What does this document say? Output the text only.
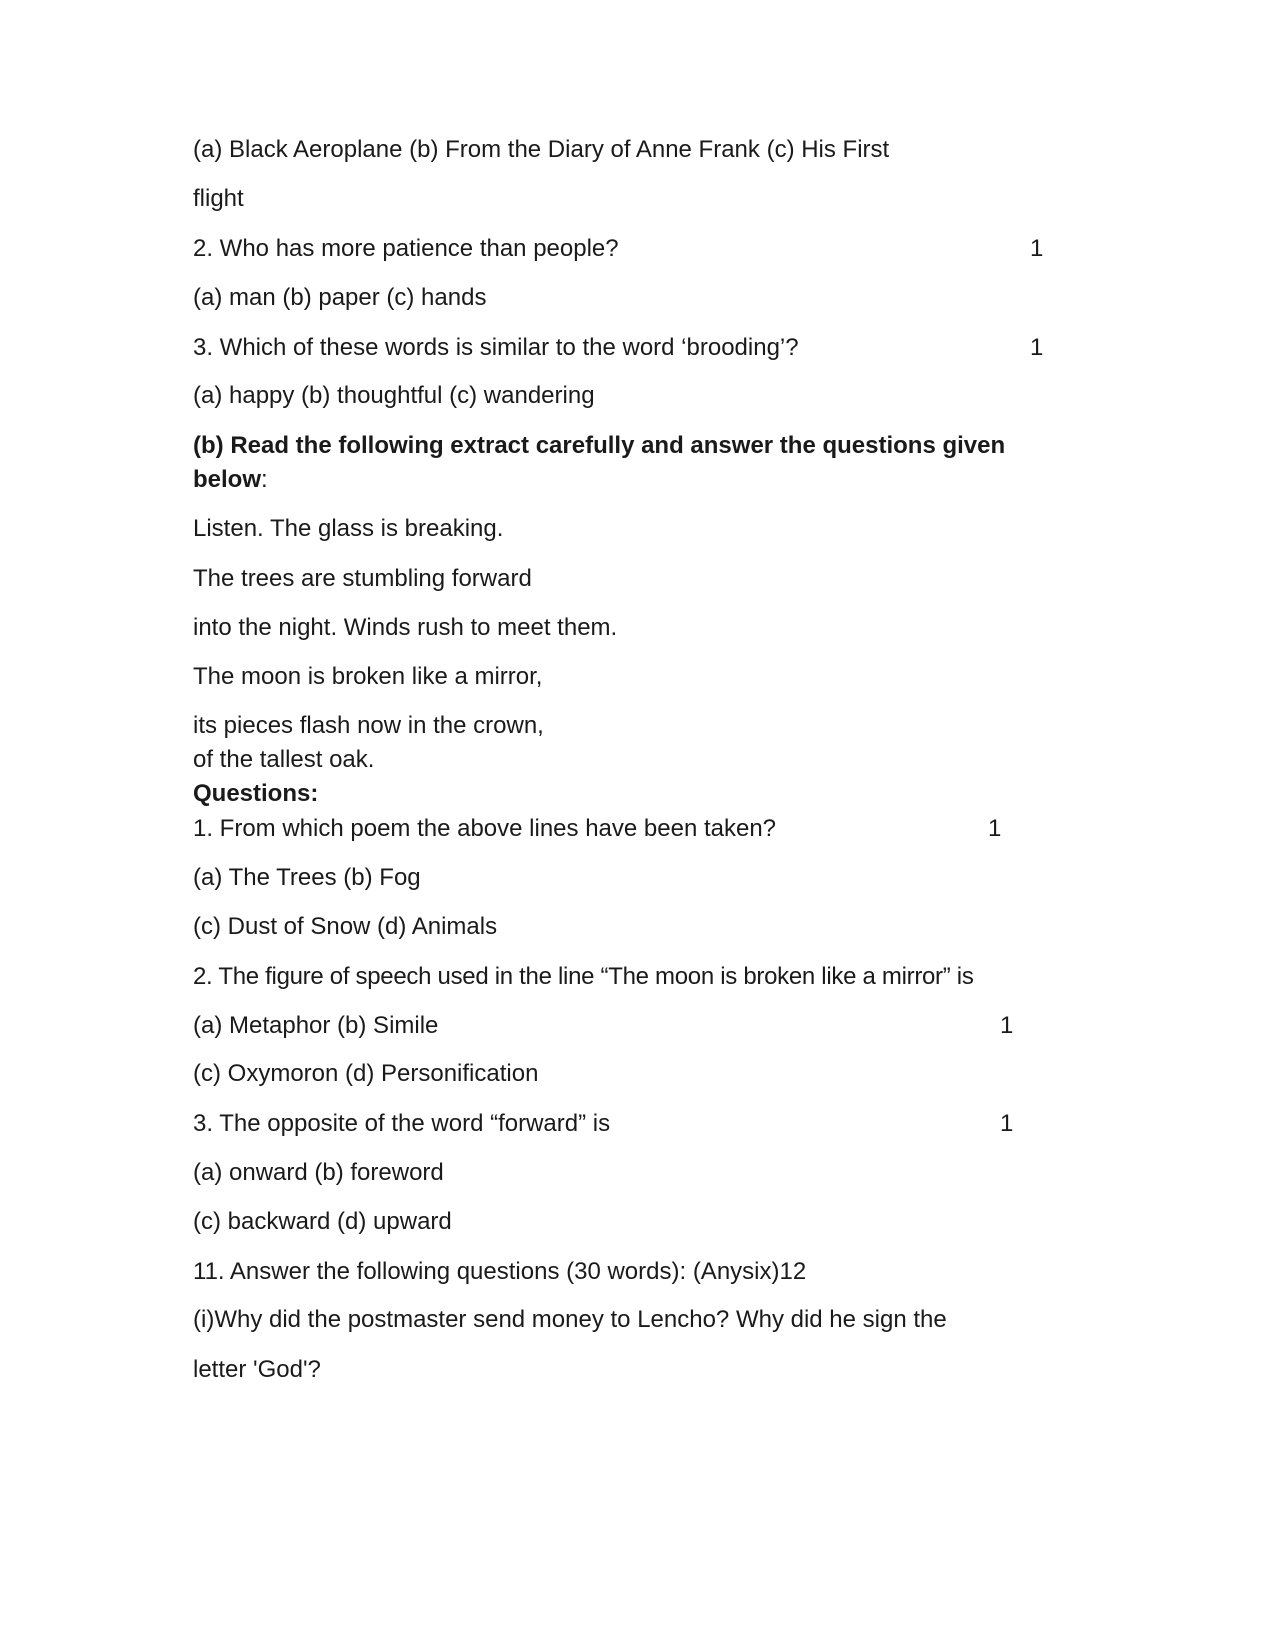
(a) Black Aeroplane (b) From the Diary of Anne Frank (c) His First
flight
2. Who has more patience than people?	1
(a) man (b) paper (c) hands
3. Which of these words is similar to the word ‘brooding’?	1
(a) happy (b) thoughtful (c) wandering
(b) Read the following extract carefully and answer the questions given
below:
Listen. The glass is breaking.
The trees are stumbling forward
into the night. Winds rush to meet them.
The moon is broken like a mirror,
its pieces flash now in the crown,
of the tallest oak.
Questions:
1. From which poem the above lines have been taken?	1
(a) The Trees (b) Fog
(c) Dust of Snow (d) Animals
2. The figure of speech used in the line “The moon is broken like a mirror” is
(a) Metaphor (b) Simile	1
(c) Oxymoron (d) Personification
3. The opposite of the word “forward” is	1
(a) onward (b) foreword
(c) backward (d) upward
11. Answer the following questions (30 words): (Anysix)12
(i)Why did the postmaster send money to Lencho? Why did he sign the
letter 'God'?
